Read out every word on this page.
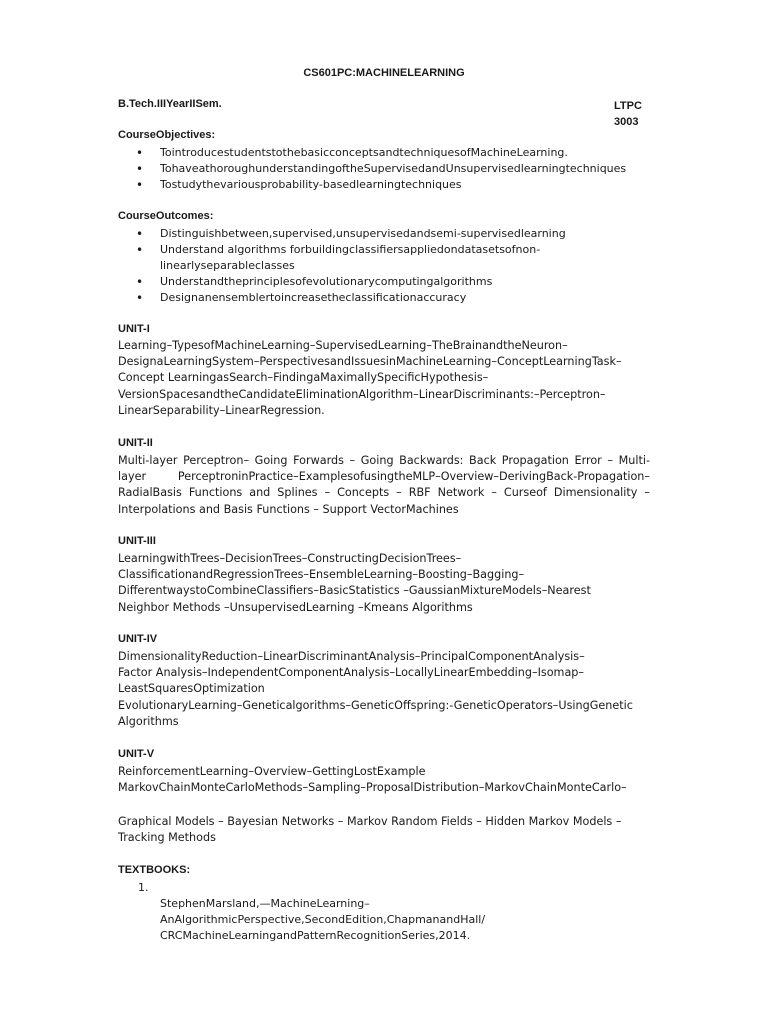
CS601PC:MACHINELEARNING
B.Tech.IIIYearIISem.	LTPC
3003
CourseObjectives:
• Tointroducestudentstothebasicconceptsandtechniquesof​MachineLearning.
• Tohaveathoroughunderstandingof​theSupervisedandUnsupervisedlearningtechniques
• Tostudythevariousprobability-basedlearningtechniques
CourseOutcomes:
• Distinguishbetween,supervised,unsupervisedandsemi-supervisedlearning
• Understand algorithms forbuildingclassifiersappliedondatasetsofnon-linearlyseparableclasses
• Understandtheprinciplesofevolutionarycomputingalgorithms
• Designanensemblertoincreasetheclassificationaccuracy
UNIT-I
Learning–TypesofMachineLearning–SupervisedLearning–TheBrainandtheNeuron–
DesignaLearningSystem–PerspectivesandIssuesinMachineLearning–ConceptLearningTask–
Concept LearningasSearch–FindingaMaximallySpecificHypothesis–
VersionSpacesandtheCandidateEliminationAlgorithm–LinearDiscriminants:–Perceptron–
LinearSeparability–LinearRegression.
UNIT-II
Multi-layer Perceptron– Going Forwards – Going Backwards: Back Propagation Error – Multi-layer PerceptroninPractice–ExamplesofusingtheMLP–Overview–DerivingBack-Propagation–RadialBasis Functions and Splines – Concepts – RBF Network – Curseof Dimensionality – Interpolations and Basis Functions – Support VectorMachines
UNIT-III
LearningwithTrees–DecisionTrees–ConstructingDecisionTrees–
ClassificationandRegressionTrees–EnsembleLearning–Boosting–Bagging–
DifferentwaystoCombineClassifiers–BasicStatistics –GaussianMixtureModels–Nearest
Neighbor Methods –UnsupervisedLearning –Kmeans Algorithms
UNIT-IV
DimensionalityReduction–LinearDiscriminantAnalysis–PrincipalComponentAnalysis–
Factor Analysis–IndependentComponentAnalysis–LocallyLinearEmbedding–Isomap–
LeastSquaresOptimization
EvolutionaryLearning–Geneticalgorithms–GeneticOffspring:-GeneticOperators–UsingGenetic
Algorithms
UNIT-V
ReinforcementLearning–Overview–GettingLostExample
MarkovChainMonteCarloMethods–Sampling–ProposalDistribution–MarkovChainMonteCarlo–
Graphical Models – Bayesian Networks – Markov Random Fields – Hidden Markov Models –
Tracking Methods
TEXTBOOKS:

1.
StephenMarsland,—MachineLearning–
AnAlgorithmicPerspective,SecondEdition,ChapmanandHall/
CRCMachineLearningandPatternRecognitionSeries,2014.
